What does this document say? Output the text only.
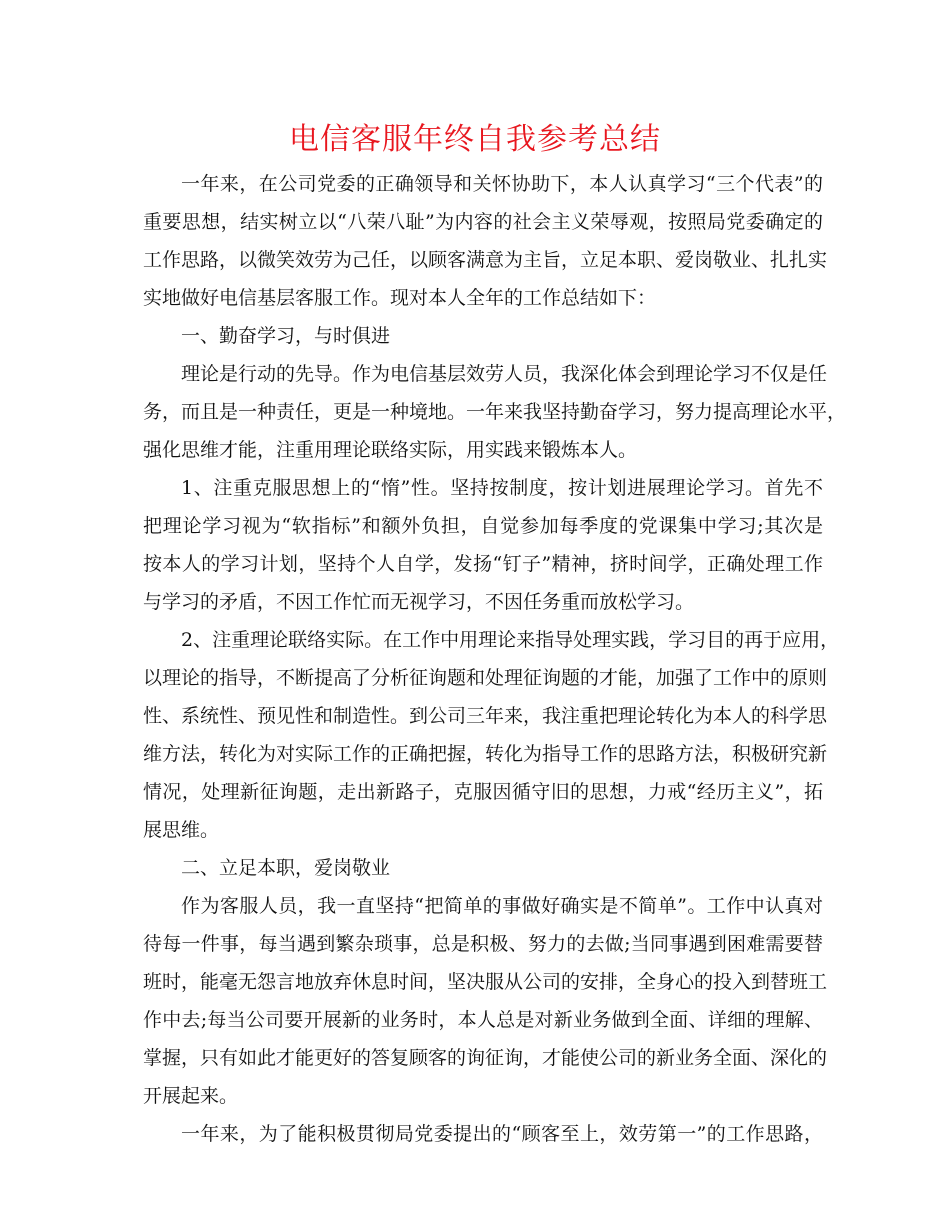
电信客服年终自我参考总结
一年来，在公司党委的正确领导和关怀协助下，本人认真学习“三个代表”的
重要思想，结实树立以“八荣八耻”为内容的社会主义荣辱观，按照局党委确定的
工作思路，以微笑效劳为己任，以顾客满意为主旨，立足本职、爱岗敬业、扎扎实
实地做好电信基层客服工作。现对本人全年的工作总结如下：
一、勤奋学习，与时俱进
理论是行动的先导。作为电信基层效劳人员，我深化体会到理论学习不仅是任
务，而且是一种责任，更是一种境地。一年来我坚持勤奋学习，努力提高理论水平，
强化思维才能，注重用理论联络实际，用实践来锻炼本人。
1、注重克服思想上的“惰”性。坚持按制度，按计划进展理论学习。首先不
把理论学习视为“软指标”和额外负担，自觉参加每季度的党课集中学习;其次是
按本人的学习计划，坚持个人自学，发扬“钉子”精神，挤时间学，正确处理工作
与学习的矛盾，不因工作忙而无视学习，不因任务重而放松学习。
2、注重理论联络实际。在工作中用理论来指导处理实践，学习目的再于应用，
以理论的指导，不断提高了分析征询题和处理征询题的才能，加强了工作中的原则
性、系统性、预见性和制造性。到公司三年来，我注重把理论转化为本人的科学思
维方法，转化为对实际工作的正确把握，转化为指导工作的思路方法，积极研究新
情况，处理新征询题，走出新路子，克服因循守旧的思想，力戒“经历主义”，拓
展思维。
二、立足本职，爱岗敬业
作为客服人员，我一直坚持“把简单的事做好确实是不简单”。工作中认真对
待每一件事，每当遇到繁杂琐事，总是积极、努力的去做;当同事遇到困难需要替
班时，能毫无怨言地放弃休息时间，坚决服从公司的安排，全身心的投入到替班工
作中去;每当公司要开展新的业务时，本人总是对新业务做到全面、详细的理解、
掌握，只有如此才能更好的答复顾客的询征询，才能使公司的新业务全面、深化的
开展起来。
一年来，为了能积极贯彻局党委提出的“顾客至上，效劳第一”的工作思路，
